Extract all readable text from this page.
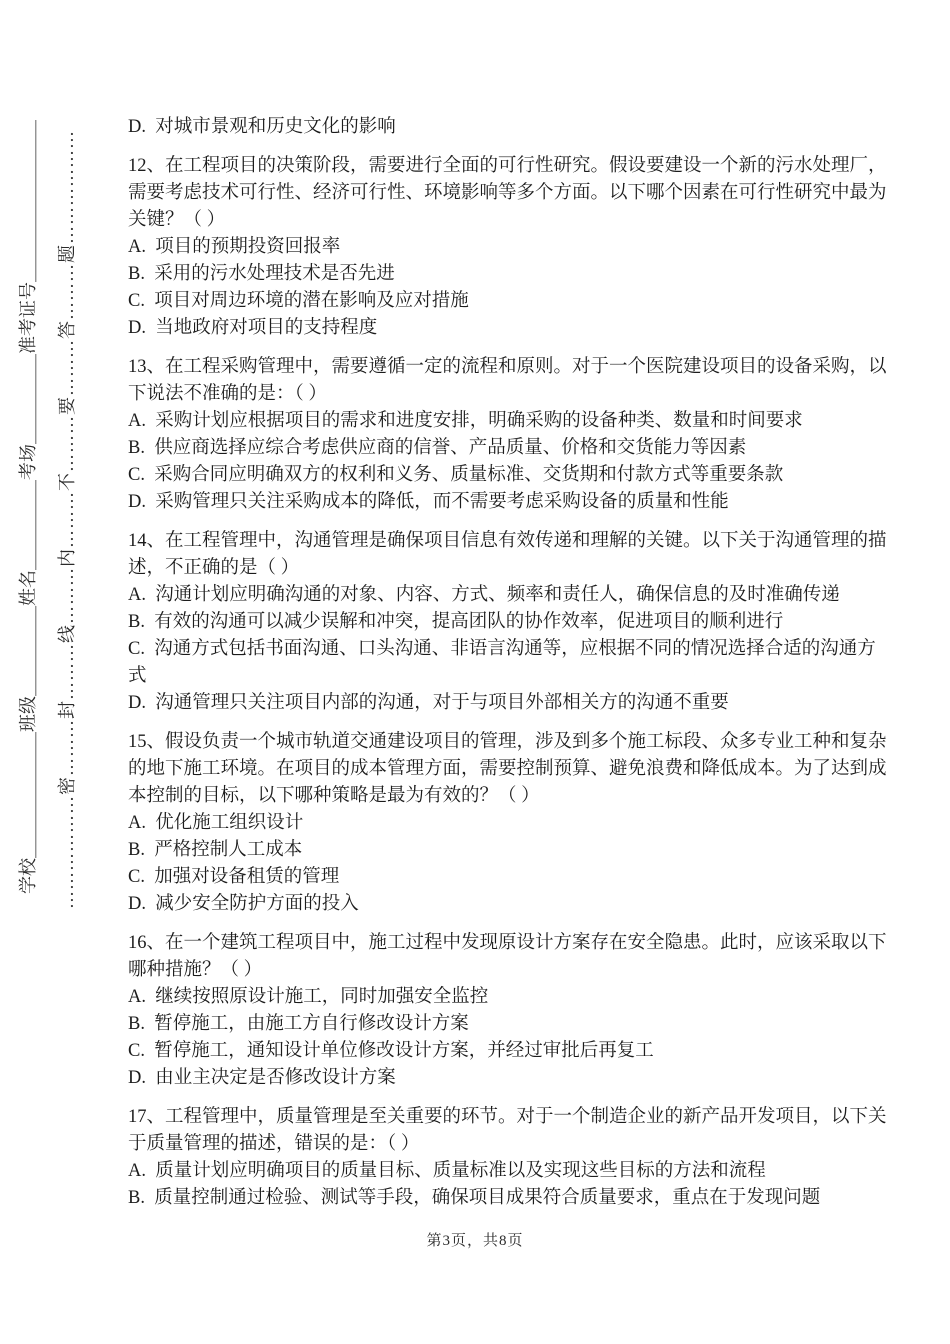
学校＿＿＿＿＿＿＿班级＿＿＿＿＿姓名＿＿＿＿＿考场＿＿＿＿＿准考证号＿＿＿＿＿＿＿＿＿ ………………密………封………线………内………不………要………答………题………………

D.  对城市景观和历史文化的影响

12、在工程项目的决策阶段，需要进行全面的可行性研究。假设要建设一个新的污水处理厂，需要考虑技术可行性、经济可行性、环境影响等多个方面。以下哪个因素在可行性研究中最为关键？（ ）

A.  项目的预期投资回报率

B.  采用的污水处理技术是否先进

C.  项目对周边环境的潜在影响及应对措施

D.  当地政府对项目的支持程度

13、在工程采购管理中，需要遵循一定的流程和原则。对于一个医院建设项目的设备采购，以下说法不准确的是：（ ）

A.  采购计划应根据项目的需求和进度安排，明确采购的设备种类、数量和时间要求

B.  供应商选择应综合考虑供应商的信誉、产品质量、价格和交货能力等因素

C.  采购合同应明确双方的权利和义务、质量标准、交货期和付款方式等重要条款

D.  采购管理只关注采购成本的降低，而不需要考虑采购设备的质量和性能

14、在工程管理中，沟通管理是确保项目信息有效传递和理解的关键。以下关于沟通管理的描述，不正确的是（ ）

A.  沟通计划应明确沟通的对象、内容、方式、频率和责任人，确保信息的及时准确传递

B.  有效的沟通可以减少误解和冲突，提高团队的协作效率，促进项目的顺利进行

C.  沟通方式包括书面沟通、口头沟通、非语言沟通等，应根据不同的情况选择合适的沟通方式

D.  沟通管理只关注项目内部的沟通，对于与项目外部相关方的沟通不重要

15、假设负责一个城市轨道交通建设项目的管理，涉及到多个施工标段、众多专业工种和复杂的地下施工环境。在项目的成本管理方面，需要控制预算、避免浪费和降低成本。为了达到成本控制的目标，以下哪种策略是最为有效的？（ ）

A.  优化施工组织设计

B.  严格控制人工成本

C.  加强对设备租赁的管理

D.  减少安全防护方面的投入

16、在一个建筑工程项目中，施工过程中发现原设计方案存在安全隐患。此时，应该采取以下哪种措施？（ ）

A.  继续按照原设计施工，同时加强安全监控

B.  暂停施工，由施工方自行修改设计方案

C.  暂停施工，通知设计单位修改设计方案，并经过审批后再复工

D.  由业主决定是否修改设计方案

17、工程管理中，质量管理是至关重要的环节。对于一个制造企业的新产品开发项目，以下关于质量管理的描述，错误的是：（ ）

A.  质量计划应明确项目的质量目标、质量标准以及实现这些目标的方法和流程

B.  质量控制通过检验、测试等手段，确保项目成果符合质量要求，重点在于发现问题

第3页，共8页
